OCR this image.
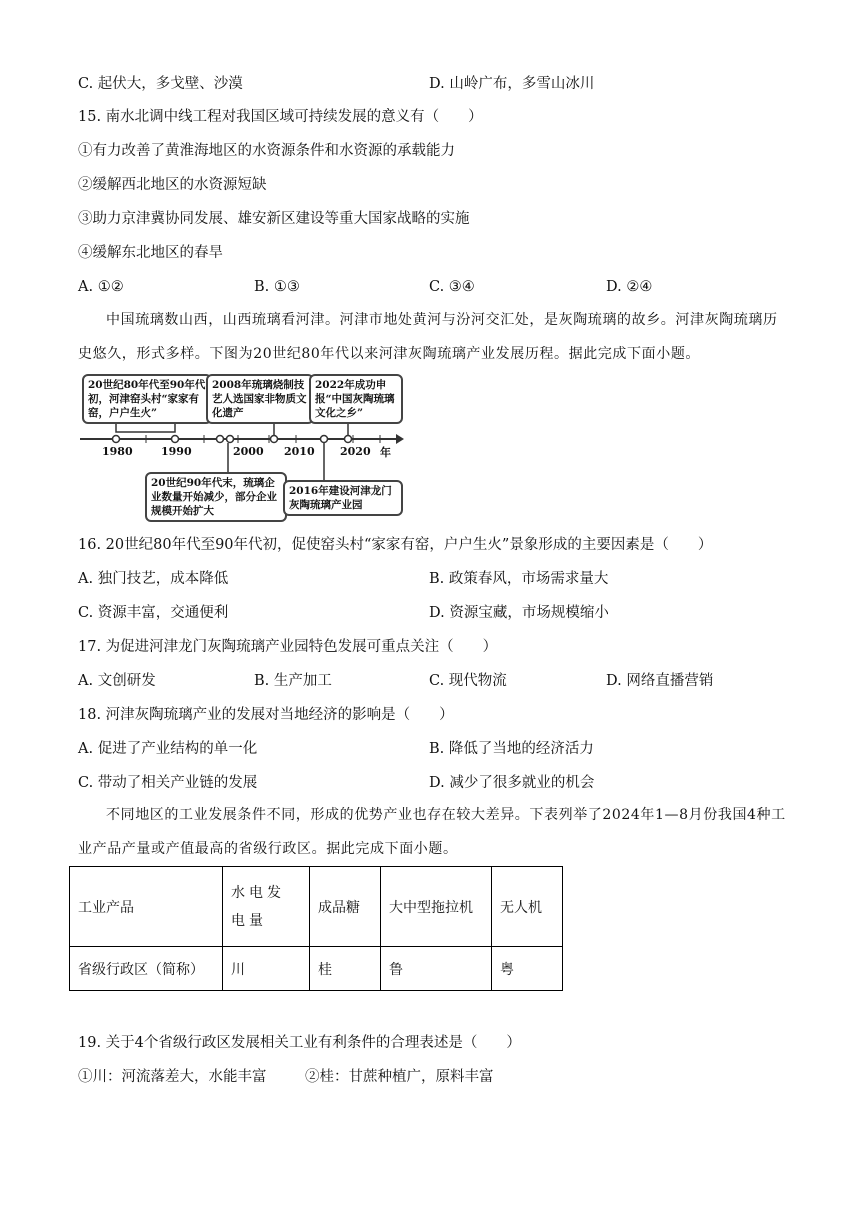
C. 起伏大，多戈壁、沙漠	D. 山岭广布，多雪山冰川
15. 南水北调中线工程对我国区域可持续发展的意义有（　　）
①有力改善了黄淮海地区的水资源条件和水资源的承载能力
②缓解西北地区的水资源短缺
③助力京津冀协同发展、雄安新区建设等重大国家战略的实施
④缓解东北地区的春旱
A. ①②	B. ①③	C. ③④	D. ②④
中国琉璃数山西，山西琉璃看河津。河津市地处黄河与汾河交汇处，是灰陶琉璃的故乡。河津灰陶琉璃历史悠久，形式多样。下图为20世纪80年代以来河津灰陶琉璃产业发展历程。据此完成下面小题。
20世纪80年代至90年代初，河津窑头村“家家有窑，户户生火”
2008年琉璃烧制技艺人选国家非物质文化遗产
2022年成功申报“中国灰陶琉璃文化之乡”
1980	1990	2000 2010 2020 年
20世纪90年代末，琉璃企业数量开始减少，部分企业规模开始扩大
2016年建设河津龙门灰陶琉璃产业园
16. 20世纪80年代至90年代初，促使窑头村“家家有窑，户户生火”景象形成的主要因素是（　　）
A. 独门技艺，成本降低	B. 政策春风，市场需求量大
C. 资源丰富，交通便利	D. 资源宝藏，市场规模缩小
17. 为促进河津龙门灰陶琉璃产业园特色发展可重点关注（　　）
A. 文创研发	B. 生产加工	C. 现代物流	D. 网络直播营销
18. 河津灰陶琉璃产业的发展对当地经济的影响是（　　）
A. 促进了产业结构的单一化	B. 降低了当地的经济活力
C. 带动了相关产业链的发展	D. 减少了很多就业的机会
不同地区的工业发展条件不同，形成的优势产业也存在较大差异。下表列举了2024年1—8月份我国4种工业产品产量或产值最高的省级行政区。据此完成下面小题。
工业产品	水电发电量	成品糖	大中型拖拉机	无人机
省级行政区（简称）	川	桂	鲁	粤
19. 关于4个省级行政区发展相关工业有利条件的合理表述是（　　）
①川：河流落差大，水能丰富	②桂：甘蔗种植广，原料丰富
